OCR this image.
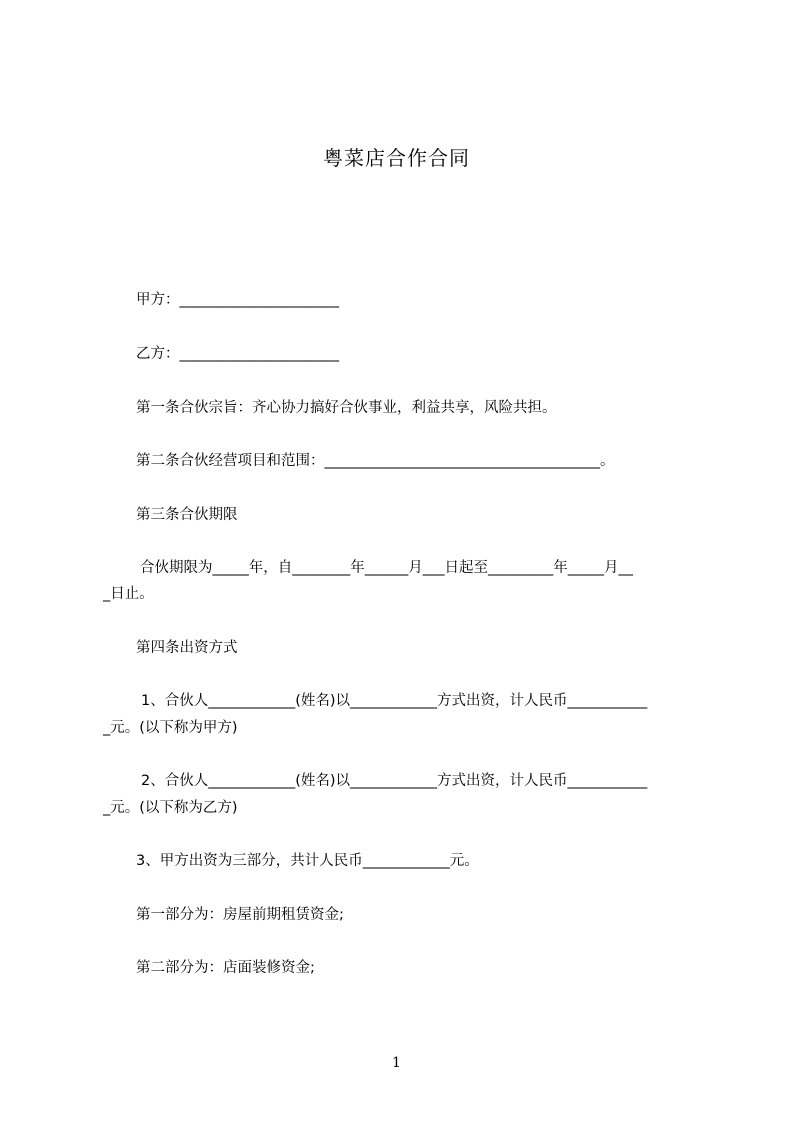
粤菜店合作合同
甲方：______________________
乙方：______________________
第一条合伙宗旨：齐心协力搞好合伙事业，利益共享，风险共担。
第二条合伙经营项目和范围：______________________________________。
第三条合伙期限
合伙期限为_____年，自________年______月___日起至_________年_____月__
_日止。
第四条出资方式
1、合伙人____________(姓名)以____________方式出资，计人民币___________
_元。(以下称为甲方)
2、合伙人____________(姓名)以____________方式出资，计人民币___________
_元。(以下称为乙方)
3、甲方出资为三部分，共计人民币____________元。
第一部分为：房屋前期租赁资金;
第二部分为：店面装修资金;
1
